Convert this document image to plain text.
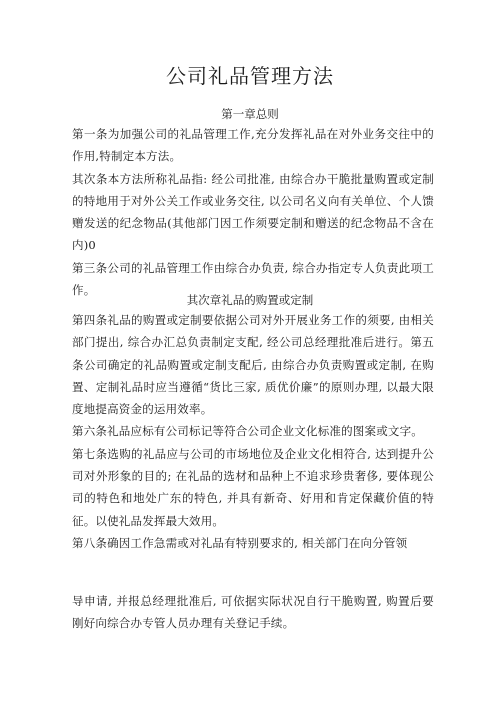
公司礼品管理方法
第一章总则

第一条为加强公司的礼品管理工作,充分发挥礼品在对外业务交往中的作用,特制定本方法。

其次条本方法所称礼品指: 经公司批准, 由综合办干脆批量购置或定制的特地用于对外公关工作或业务交往, 以公司名义向有关单位、个人馈赠发送的纪念物品(其他部门因工作须要定制和赠送的纪念物品不含在内)0

第三条公司的礼品管理工作由综合办负责, 综合办指定专人负责此项工作。

其次章礼品的购置或定制

第四条礼品的购置或定制要依据公司对外开展业务工作的须要, 由相关部门提出, 综合办汇总负责制定支配, 经公司总经理批准后进行。第五条公司确定的礼品购置或定制支配后, 由综合办负责购置或定制, 在购置、定制礼品时应当遵循“货比三家, 质优价廉”的原则办理, 以最大限度地提高资金的运用效率。

第六条礼品应标有公司标记等符合公司企业文化标准的图案或文字。

第七条选购的礼品应与公司的市场地位及企业文化相符合, 达到提升公司对外形象的目的; 在礼品的选材和品种上不追求珍贵奢侈, 要体现公司的特色和地处广东的特色, 并具有新奇、好用和肯定保藏价值的特征。以使礼品发挥最大效用。

第八条确因工作急需或对礼品有特别要求的, 相关部门在向分管领

导申请, 并报总经理批准后, 可依据实际状况自行干脆购置, 购置后要刚好向综合办专管人员办理有关登记手续。
